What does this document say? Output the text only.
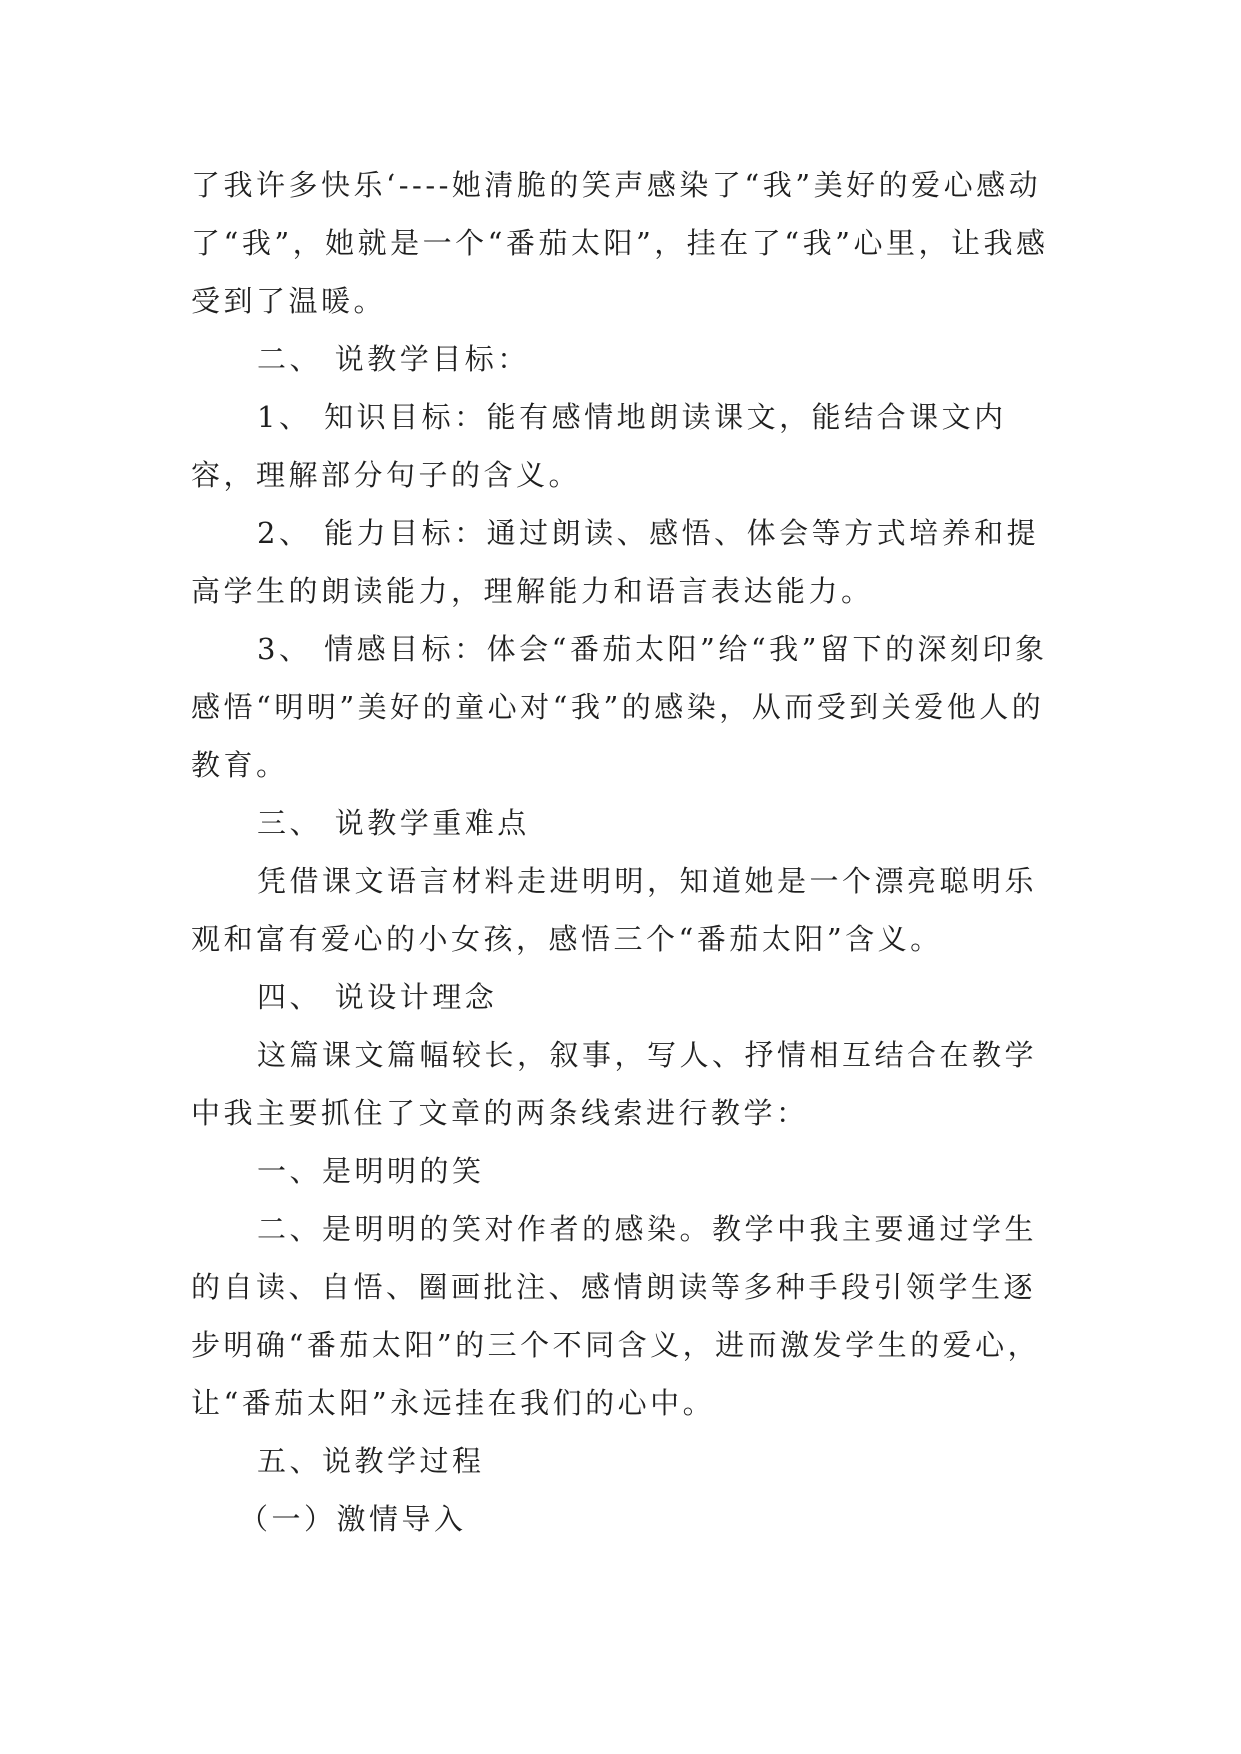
了我许多快乐‘----她清脆的笑声感染了“我”美好的爱心感动了“我”，她就是一个“番茄太阳”，挂在了“我”心里，让我感受到了温暖。

二、 说教学目标：

1、 知识目标：能有感情地朗读课文，能结合课文内容，理解部分句子的含义。

2、 能力目标：通过朗读、感悟、体会等方式培养和提高学生的朗读能力，理解能力和语言表达能力。

3、 情感目标：体会“番茄太阳”给“我”留下的深刻印象感悟“明明”美好的童心对“我”的感染，从而受到关爱他人的教育。

三、 说教学重难点

凭借课文语言材料走进明明，知道她是一个漂亮聪明乐观和富有爱心的小女孩，感悟三个“番茄太阳”含义。

四、 说设计理念

这篇课文篇幅较长，叙事，写人、抒情相互结合在教学中我主要抓住了文章的两条线索进行教学：

一、是明明的笑

二、是明明的笑对作者的感染。教学中我主要通过学生的自读、自悟、圈画批注、感情朗读等多种手段引领学生逐步明确“番茄太阳”的三个不同含义，进而激发学生的爱心，让“番茄太阳”永远挂在我们的心中。

五、说教学过程

（一）激情导入
